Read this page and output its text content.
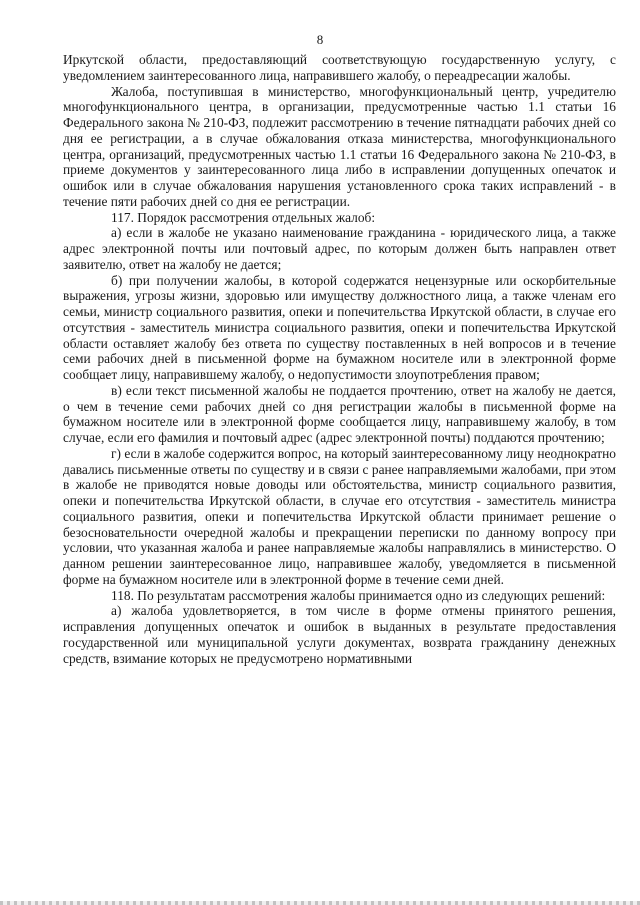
8

Иркутской области, предоставляющий соответствующую государственную услугу, с уведомлением заинтересованного лица, направившего жалобу, о переадресации жалобы.

Жалоба, поступившая в министерство, многофункциональный центр, учредителю многофункционального центра, в организации, предусмотренные частью 1.1 статьи 16 Федерального закона № 210-ФЗ, подлежит рассмотрению в течение пятнадцати рабочих дней со дня ее регистрации, а в случае обжалования отказа министерства, многофункционального центра, организаций, предусмотренных частью 1.1 статьи 16 Федерального закона № 210-ФЗ, в приеме документов у заинтересованного лица либо в исправлении допущенных опечаток и ошибок или в случае обжалования нарушения установленного срока таких исправлений - в течение пяти рабочих дней со дня ее регистрации.

117. Порядок рассмотрения отдельных жалоб:

а) если в жалобе не указано наименование гражданина - юридического лица, а также адрес электронной почты или почтовый адрес, по которым должен быть направлен ответ заявителю, ответ на жалобу не дается;

б) при получении жалобы, в которой содержатся нецензурные или оскорбительные выражения, угрозы жизни, здоровью или имуществу должностного лица, а также членам его семьи, министр социального развития, опеки и попечительства Иркутской области, в случае его отсутствия - заместитель министра социального развития, опеки и попечительства Иркутской области оставляет жалобу без ответа по существу поставленных в ней вопросов и в течение семи рабочих дней в письменной форме на бумажном носителе или в электронной форме сообщает лицу, направившему жалобу, о недопустимости злоупотребления правом;

в) если текст письменной жалобы не поддается прочтению, ответ на жалобу не дается, о чем в течение семи рабочих дней со дня регистрации жалобы в письменной форме на бумажном носителе или в электронной форме сообщается лицу, направившему жалобу, в том случае, если его фамилия и почтовый адрес (адрес электронной почты) поддаются прочтению;

г) если в жалобе содержится вопрос, на который заинтересованному лицу неоднократно давались письменные ответы по существу и в связи с ранее направляемыми жалобами, при этом в жалобе не приводятся новые доводы или обстоятельства, министр социального развития, опеки и попечительства Иркутской области, в случае его отсутствия - заместитель министра социального развития, опеки и попечительства Иркутской области принимает решение о безосновательности очередной жалобы и прекращении переписки по данному вопросу при условии, что указанная жалоба и ранее направляемые жалобы направлялись в министерство. О данном решении заинтересованное лицо, направившее жалобу, уведомляется в письменной форме на бумажном носителе или в электронной форме в течение семи дней.

118. По результатам рассмотрения жалобы принимается одно из следующих решений:

а) жалоба удовлетворяется, в том числе в форме отмены принятого решения, исправления допущенных опечаток и ошибок в выданных в результате предоставления государственной или муниципальной услуги документах, возврата гражданину денежных средств, взимание которых не предусмотрено нормативными
